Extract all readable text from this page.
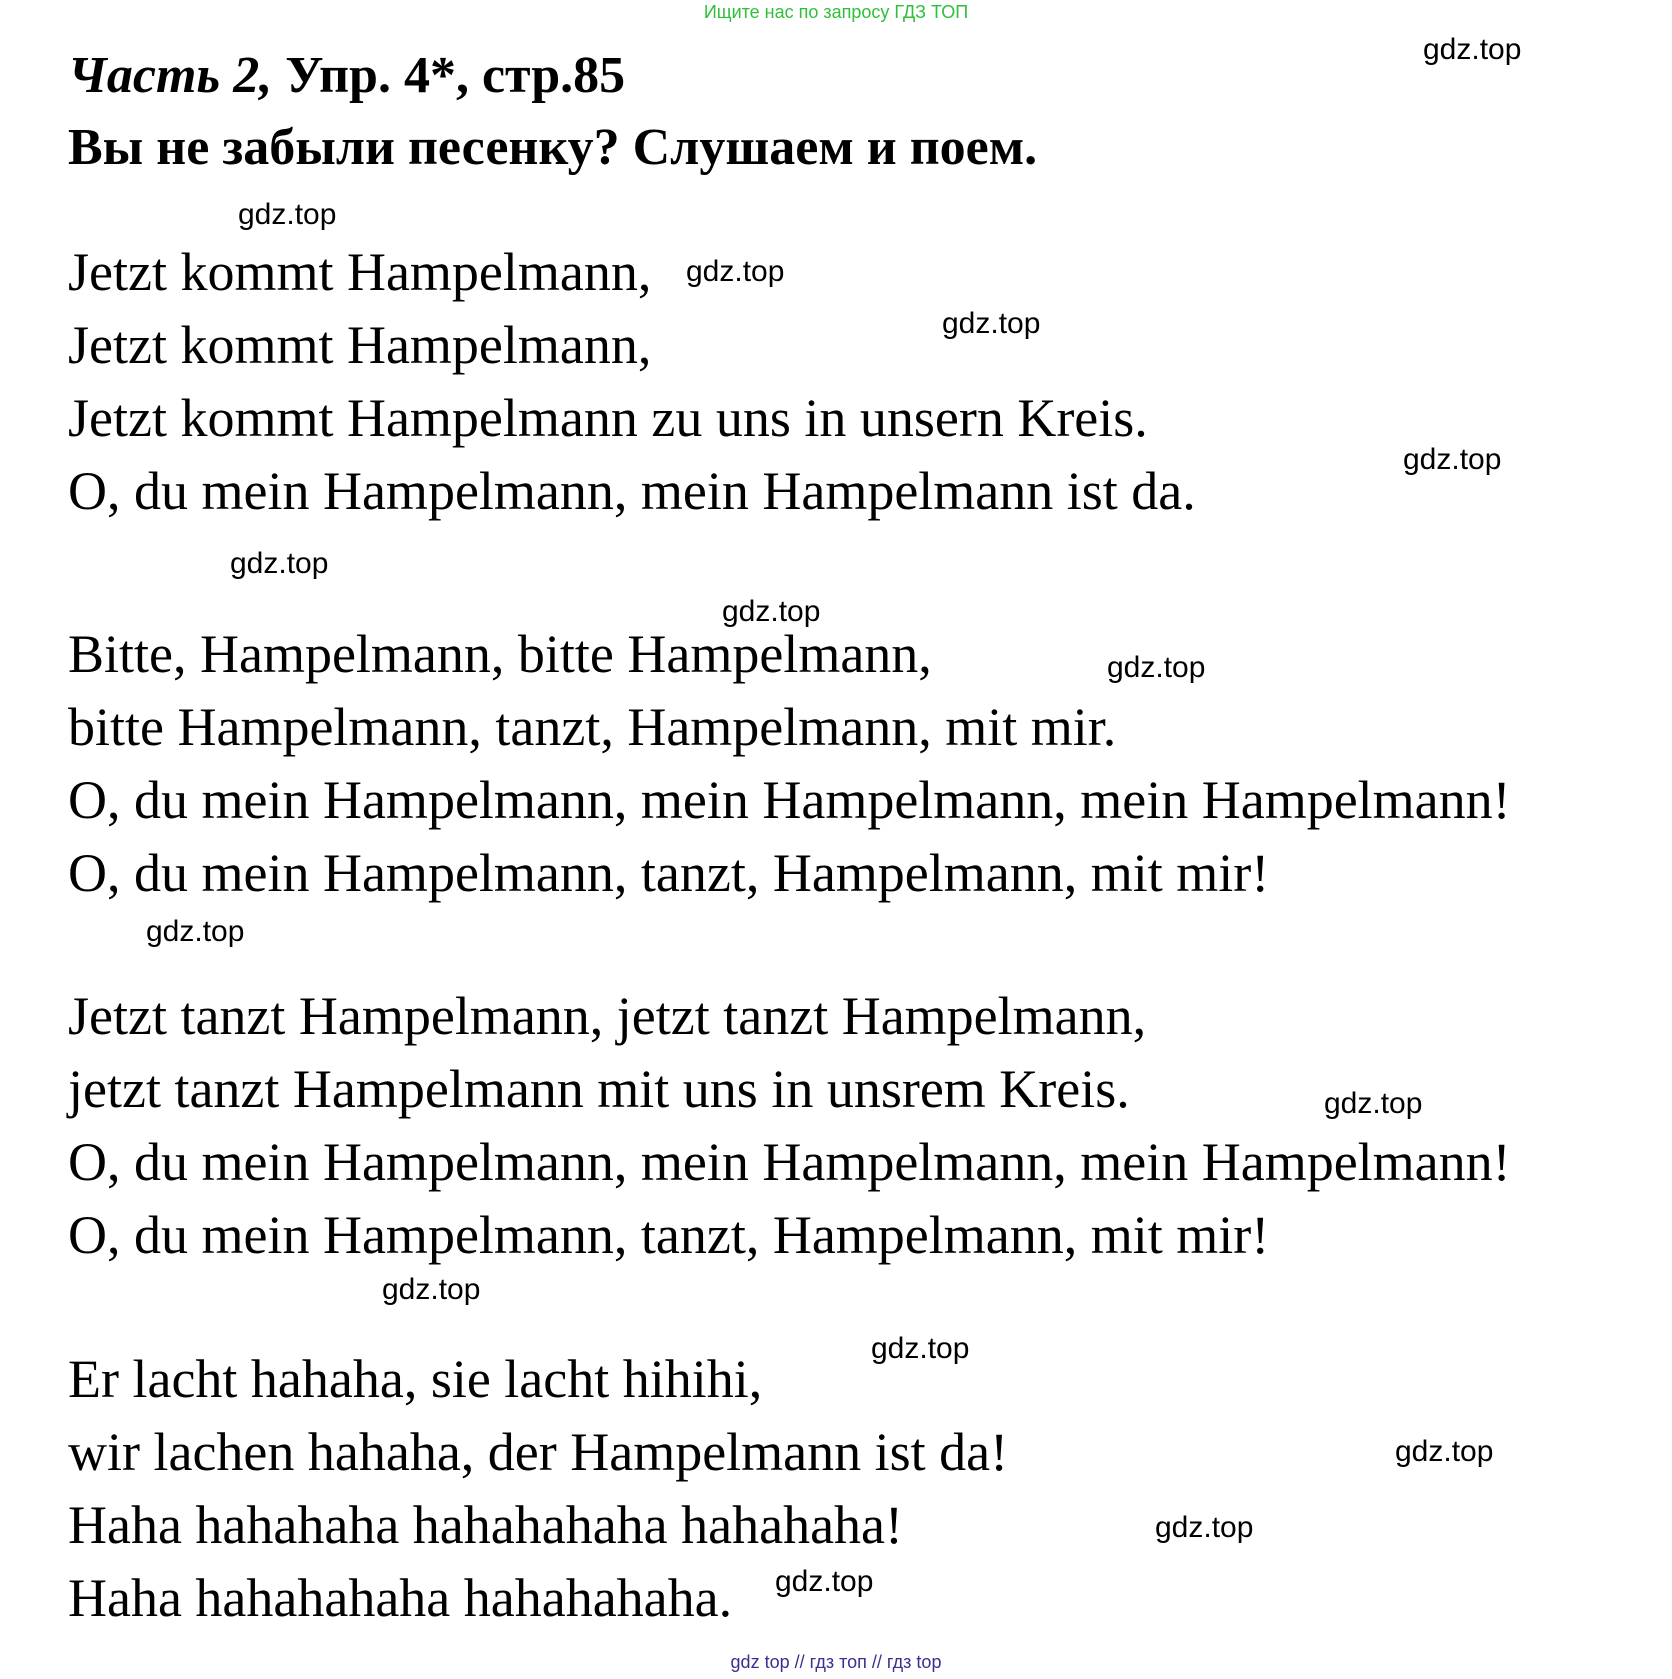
Ищите нас по запросу ГДЗ ТОП
Часть 2, Упр. 4*, стр.85
Вы не забыли песенку? Слушаем и поем.
Jetzt kommt Hampelmann,
Jetzt kommt Hampelmann,
Jetzt kommt Hampelmann zu uns in unsern Kreis.
O, du mein Hampelmann, mein Hampelmann ist da.
Bitte, Hampelmann, bitte Hampelmann,
bitte Hampelmann, tanzt, Hampelmann, mit mir.
O, du mein Hampelmann, mein Hampelmann, mein Hampelmann!
O, du mein Hampelmann, tanzt, Hampelmann, mit mir!
Jetzt tanzt Hampelmann, jetzt tanzt Hampelmann,
jetzt tanzt Hampelmann mit uns in unsrem Kreis.
O, du mein Hampelmann, mein Hampelmann, mein Hampelmann!
O, du mein Hampelmann, tanzt, Hampelmann, mit mir!
Er lacht hahaha, sie lacht hihihi,
wir lachen hahaha, der Hampelmann ist da!
Haha hahahaha hahahahaha hahahaha!
Haha hahahahaha hahahahaha.
gdz.top
gdz.top
gdz.top
gdz.top
gdz.top
gdz.top
gdz.top
gdz.top
gdz.top
gdz.top
gdz.top
gdz.top
gdz.top
gdz.top
gdz.top
gdz top // гдз топ // гдз top
